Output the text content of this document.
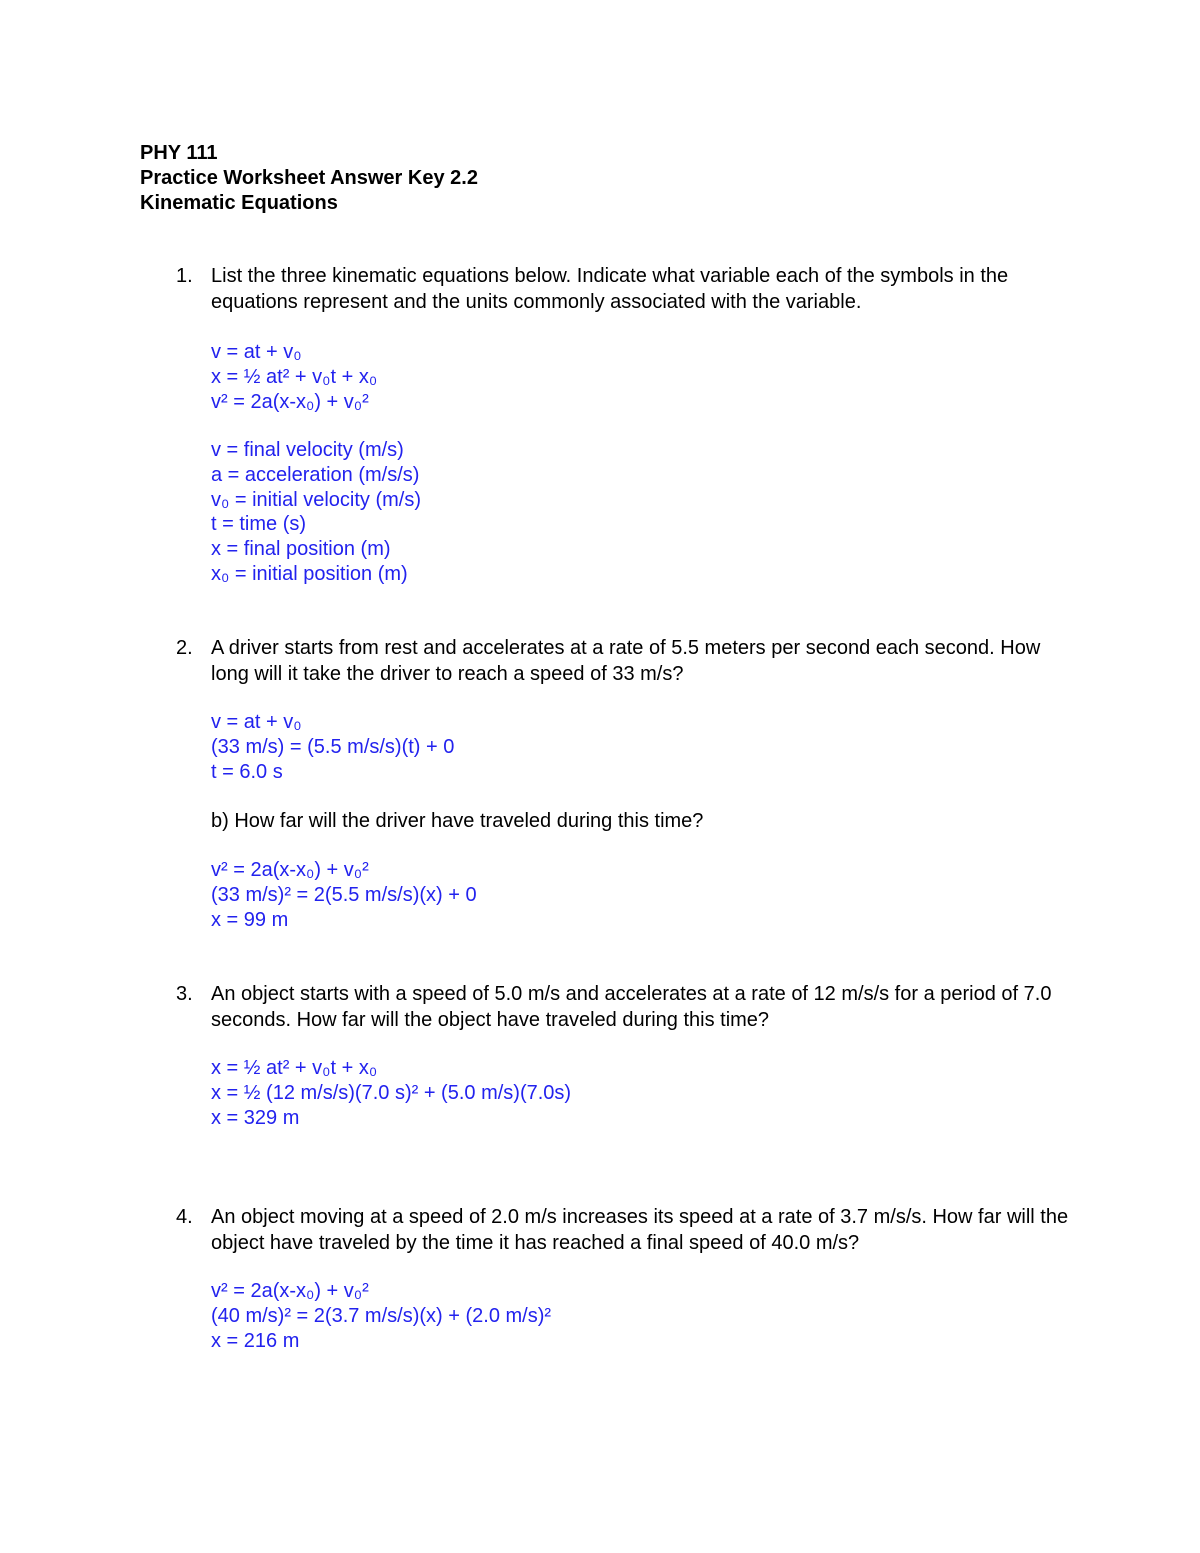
PHY 111
Practice Worksheet Answer Key 2.2
Kinematic Equations
1. List the three kinematic equations below. Indicate what variable each of the symbols in the equations represent and the units commonly associated with the variable.
v = at + v₀
x = ½ at² + v₀t + x₀
v² = 2a(x-x₀) + v₀²
v = final velocity (m/s)
a = acceleration (m/s/s)
v₀ = initial velocity (m/s)
t = time (s)
x = final position (m)
x₀ = initial position (m)
2. A driver starts from rest and accelerates at a rate of 5.5 meters per second each second. How long will it take the driver to reach a speed of 33 m/s?
v = at + v₀
(33 m/s) = (5.5 m/s/s)(t) + 0
t = 6.0 s
b) How far will the driver have traveled during this time?
v² = 2a(x-x₀) + v₀²
(33 m/s)² = 2(5.5 m/s/s)(x) + 0
x = 99 m
3. An object starts with a speed of 5.0 m/s and accelerates at a rate of 12 m/s/s for a period of 7.0 seconds. How far will the object have traveled during this time?
x = ½ at² + v₀t + x₀
x = ½ (12 m/s/s)(7.0 s)² + (5.0 m/s)(7.0s)
x = 329 m
4. An object moving at a speed of 2.0 m/s increases its speed at a rate of 3.7 m/s/s. How far will the object have traveled by the time it has reached a final speed of 40.0 m/s?
v² = 2a(x-x₀) + v₀²
(40 m/s)² = 2(3.7 m/s/s)(x) + (2.0 m/s)²
x = 216 m
